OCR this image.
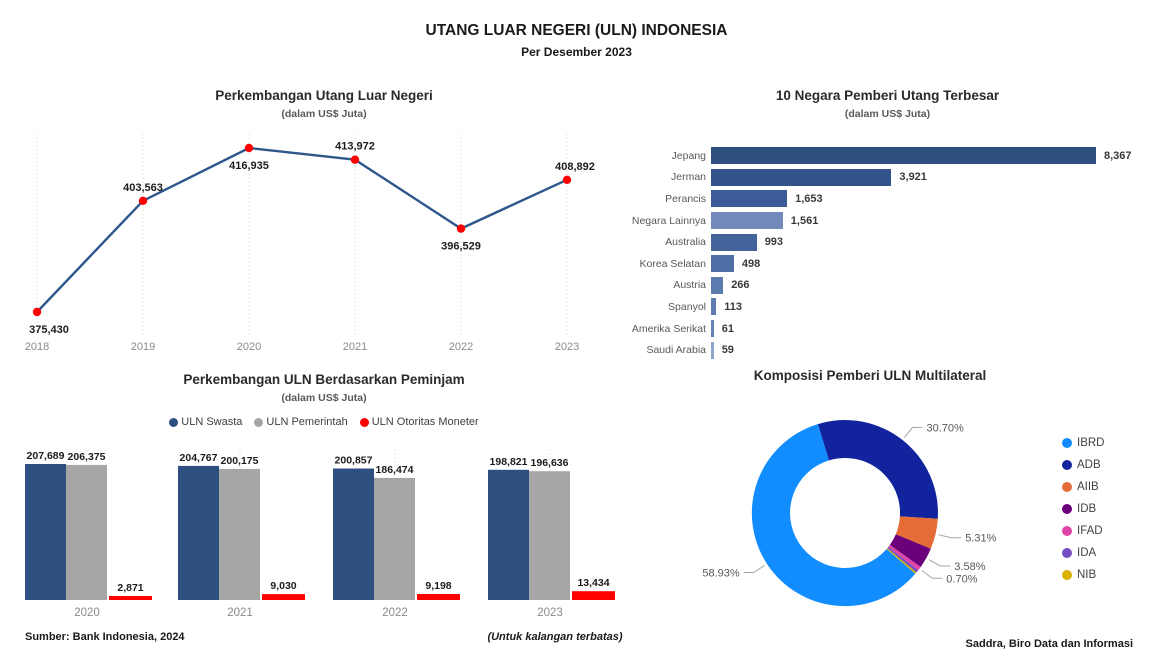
UTANG LUAR NEGERI (ULN) INDONESIA
Per Desember 2023
Perkembangan Utang Luar Negeri
(dalam US$ Juta)
375,430
2018
403,563
2019
416,935
2020
413,972
2021
396,529
2022
408,892
2023
10 Negara Pemberi Utang Terbesar
(dalam US$ Juta)
Jepang	8,367
Jerman	3,921
Perancis	1,653
Negara Lainnya	1,561
Australia	993
Korea Selatan	498
Austria	266
Spanyol	113
Amerika Serikat	61
Saudi Arabia	59
Perkembangan ULN Berdasarkan Peminjam
(dalam US$ Juta)
ULN Swasta ULN Pemerintah ULN Otoritas Moneter
207,689 206,375
2,871
2020
204,767 200,175
9,030
2021
200,857
186,474
9,198
2022
198,821 196,636
13,434
2023
Komposisi Pemberi ULN Multilateral
30.70%
5.31%
3.58%
0.70%
58.93%
IBRD
ADB
AIIB
IDB
IFAD
IDA
NIB
Sumber: Bank Indonesia, 2024	(Untuk kalangan terbatas)
Saddra, Biro Data dan Informasi
